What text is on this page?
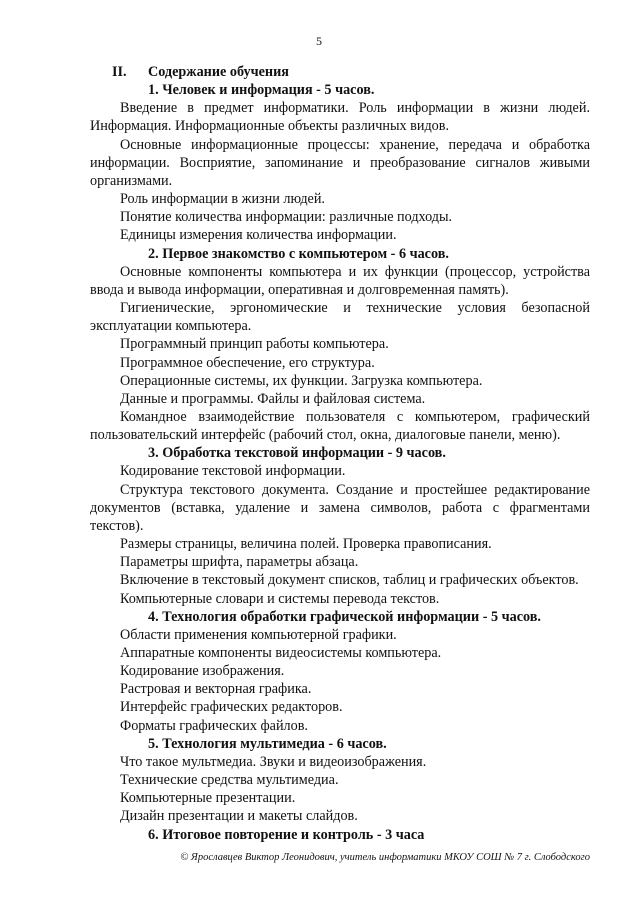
5
II. Содержание обучения
1. Человек и информация - 5 часов.
Введение в предмет информатики. Роль информации в жизни людей. Информация. Информационные объекты различных видов.
Основные информационные процессы: хранение, передача и обработка информации. Восприятие, запоминание и преобразование сигналов живыми организмами.
Роль информации в жизни людей.
Понятие количества информации: различные подходы.
Единицы измерения количества информации.
2. Первое знакомство с компьютером - 6 часов.
Основные компоненты компьютера и их функции (процессор, устройства ввода и вывода информации, оперативная и долговременная память).
Гигиенические, эргономические и технические условия безопасной эксплуатации компьютера.
Программный принцип работы компьютера.
Программное обеспечение, его структура.
Операционные системы, их функции. Загрузка компьютера.
Данные и программы. Файлы и файловая система.
Командное взаимодействие пользователя с компьютером, графический пользовательский интерфейс (рабочий стол, окна, диалоговые панели, меню).
3. Обработка текстовой информации - 9 часов.
Кодирование текстовой информации.
Структура текстового документа. Создание и простейшее редактирование документов (вставка, удаление и замена символов, работа с фрагментами текстов).
Размеры страницы, величина полей. Проверка правописания.
Параметры шрифта, параметры абзаца.
Включение в текстовый документ списков, таблиц и графических объектов.
Компьютерные словари и системы перевода текстов.
4. Технология обработки графической информации - 5 часов.
Области применения компьютерной графики.
Аппаратные компоненты видеосистемы компьютера.
Кодирование изображения.
Растровая и векторная графика.
Интерфейс графических редакторов.
Форматы графических файлов.
5. Технология мультимедиа - 6 часов.
Что такое мультмедиа. Звуки и видеоизображения.
Технические средства мультимедиа.
Компьютерные презентации.
Дизайн презентации и макеты слайдов.
6. Итоговое повторение и контроль - 3 часа
© Ярославцев Виктор Леонидович, учитель информатики МКОУ СОШ № 7 г. Слободского
